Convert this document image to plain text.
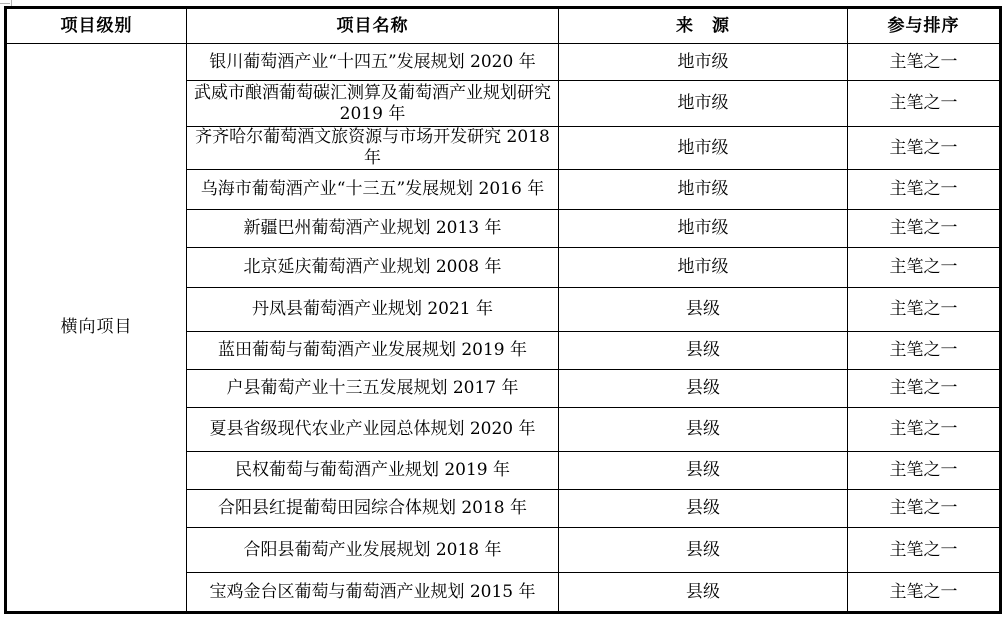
项目级别	项目名称	来　源	参与排序
横向项目	银川葡萄酒产业“十四五”发展规划 2020 年	地市级	主笔之一
	武威市酿酒葡萄碳汇测算及葡萄酒产业规划研究 2019 年	地市级	主笔之一
	齐齐哈尔葡萄酒文旅资源与市场开发研究 2018 年	地市级	主笔之一
	乌海市葡萄酒产业“十三五”发展规划 2016 年	地市级	主笔之一
	新疆巴州葡萄酒产业规划 2013 年	地市级	主笔之一
	北京延庆葡萄酒产业规划 2008 年	地市级	主笔之一
	丹凤县葡萄酒产业规划 2021 年	县级	主笔之一
	蓝田葡萄与葡萄酒产业发展规划 2019 年	县级	主笔之一
	户县葡萄产业十三五发展规划 2017 年	县级	主笔之一
	夏县省级现代农业产业园总体规划 2020 年	县级	主笔之一
	民权葡萄与葡萄酒产业规划 2019 年	县级	主笔之一
	合阳县红提葡萄田园综合体规划 2018 年	县级	主笔之一
	合阳县葡萄产业发展规划 2018 年	县级	主笔之一
	宝鸡金台区葡萄与葡萄酒产业规划 2015 年	县级	主笔之一
